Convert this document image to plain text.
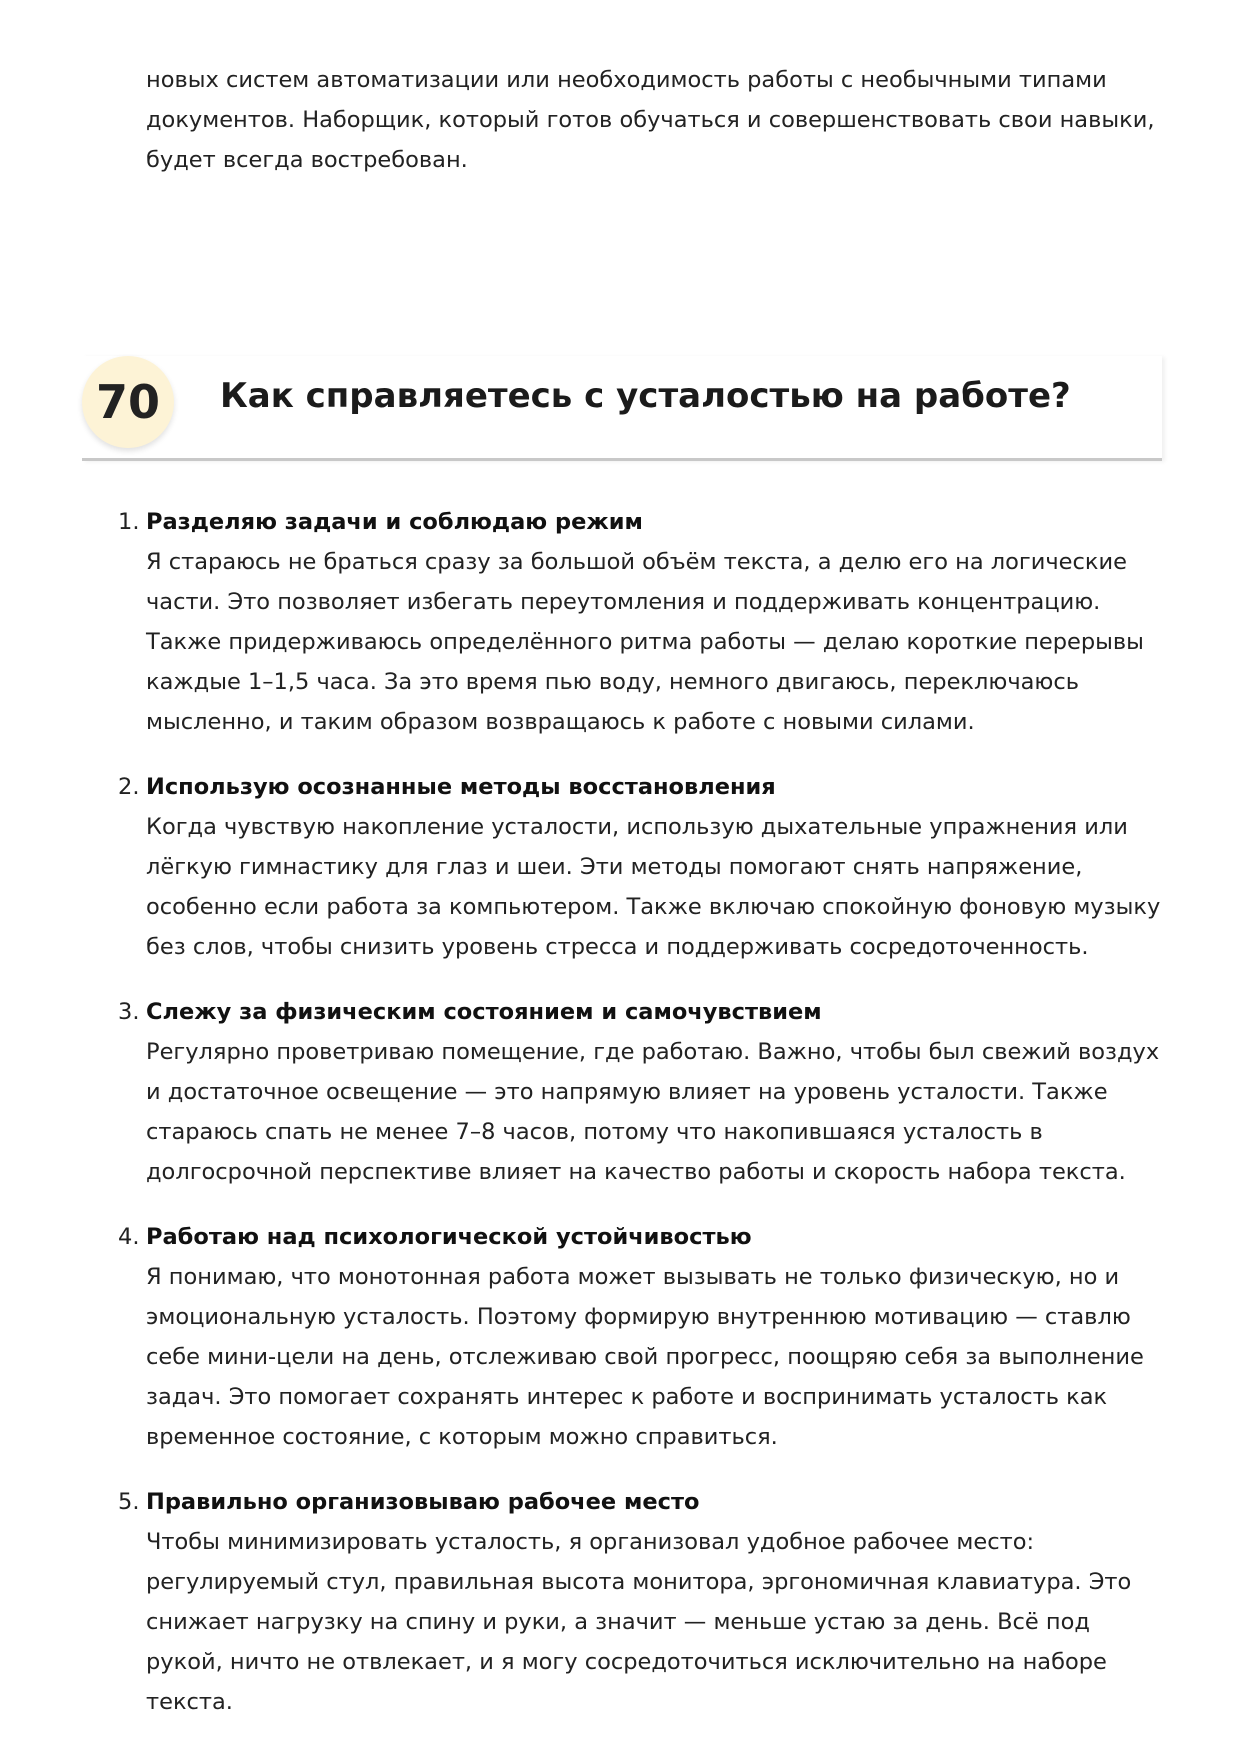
новых систем автоматизации или необходимость работы с необычными типами документов. Наборщик, который готов обучаться и совершенствовать свои навыки, будет всегда востребован.

70	Как справляетесь с усталостью на работе?
1. Разделяю задачи и соблюдаю режим
Я стараюсь не браться сразу за большой объём текста, а делю его на логические части. Это позволяет избегать переутомления и поддерживать концентрацию. Также придерживаюсь определённого ритма работы — делаю короткие перерывы каждые 1–1,5 часа. За это время пью воду, немного двигаюсь, переключаюсь мысленно, и таким образом возвращаюсь к работе с новыми силами.
2. Использую осознанные методы восстановления
Когда чувствую накопление усталости, использую дыхательные упражнения или лёгкую гимнастику для глаз и шеи. Эти методы помогают снять напряжение, особенно если работа за компьютером. Также включаю спокойную фоновую музыку без слов, чтобы снизить уровень стресса и поддерживать сосредоточенность.
3. Слежу за физическим состоянием и самочувствием
Регулярно проветриваю помещение, где работаю. Важно, чтобы был свежий воздух и достаточное освещение — это напрямую влияет на уровень усталости. Также стараюсь спать не менее 7–8 часов, потому что накопившаяся усталость в долгосрочной перспективе влияет на качество работы и скорость набора текста.
4. Работаю над психологической устойчивостью
Я понимаю, что монотонная работа может вызывать не только физическую, но и эмоциональную усталость. Поэтому формирую внутреннюю мотивацию — ставлю себе мини-цели на день, отслеживаю свой прогресс, поощряю себя за выполнение задач. Это помогает сохранять интерес к работе и воспринимать усталость как временное состояние, с которым можно справиться.
5. Правильно организовываю рабочее место
Чтобы минимизировать усталость, я организовал удобное рабочее место: регулируемый стул, правильная высота монитора, эргономичная клавиатура. Это снижает нагрузку на спину и руки, а значит — меньше устаю за день. Всё под рукой, ничто не отвлекает, и я могу сосредоточиться исключительно на наборе текста.
